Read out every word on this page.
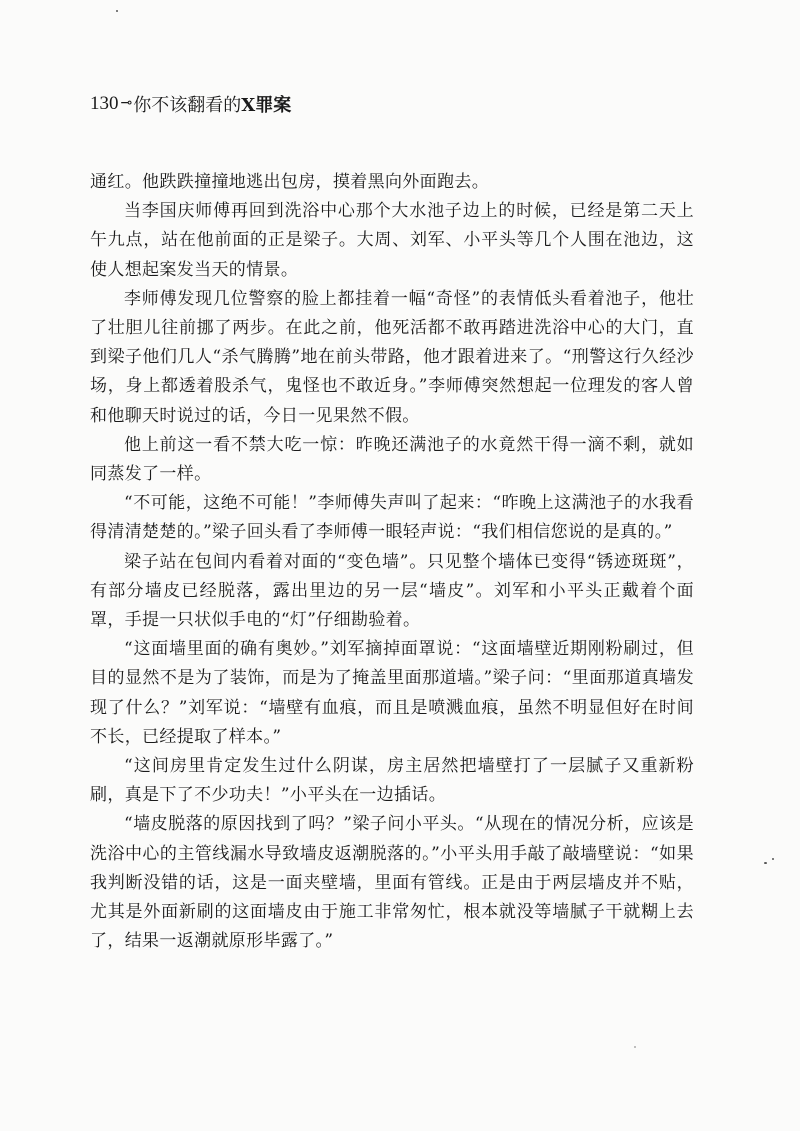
130 ⊸ 你不该翻看的 X罪案

通红。他跌跌撞撞地逃出包房，摸着黑向外面跑去。

当李国庆师傅再回到洗浴中心那个大水池子边上的时候，已经是第二天上午九点，站在他前面的正是梁子。大周、刘军、小平头等几个人围在池边，这使人想起案发当天的情景。

李师傅发现几位警察的脸上都挂着一幅“奇怪”的表情低头看着池子，他壮了壮胆儿往前挪了两步。在此之前，他死活都不敢再踏进洗浴中心的大门，直到梁子他们几人“杀气腾腾”地在前头带路，他才跟着进来了。“刑警这行久经沙场，身上都透着股杀气，鬼怪也不敢近身。”李师傅突然想起一位理发的客人曾和他聊天时说过的话，今日一见果然不假。

他上前这一看不禁大吃一惊：昨晚还满池子的水竟然干得一滴不剩，就如同蒸发了一样。

“不可能，这绝不可能！”李师傅失声叫了起来：“昨晚上这满池子的水我看得清清楚楚的。”梁子回头看了李师傅一眼轻声说：“我们相信您说的是真的。”

梁子站在包间内看着对面的“变色墙”。只见整个墙体已变得“锈迹斑斑”，有部分墙皮已经脱落，露出里边的另一层“墙皮”。刘军和小平头正戴着个面罩，手提一只状似手电的“灯”仔细勘验着。

“这面墙里面的确有奥妙。”刘军摘掉面罩说：“这面墙壁近期刚粉刷过，但目的显然不是为了装饰，而是为了掩盖里面那道墙。”梁子问：“里面那道真墙发现了什么？”刘军说：“墙壁有血痕，而且是喷溅血痕，虽然不明显但好在时间不长，已经提取了样本。”

“这间房里肯定发生过什么阴谋，房主居然把墙壁打了一层腻子又重新粉刷，真是下了不少功夫！”小平头在一边插话。

“墙皮脱落的原因找到了吗？”梁子问小平头。“从现在的情况分析，应该是洗浴中心的主管线漏水导致墙皮返潮脱落的。”小平头用手敲了敲墙壁说：“如果我判断没错的话，这是一面夹壁墙，里面有管线。正是由于两层墙皮并不贴，尤其是外面新刷的这面墙皮由于施工非常匆忙，根本就没等墙腻子干就糊上去了，结果一返潮就原形毕露了。”
